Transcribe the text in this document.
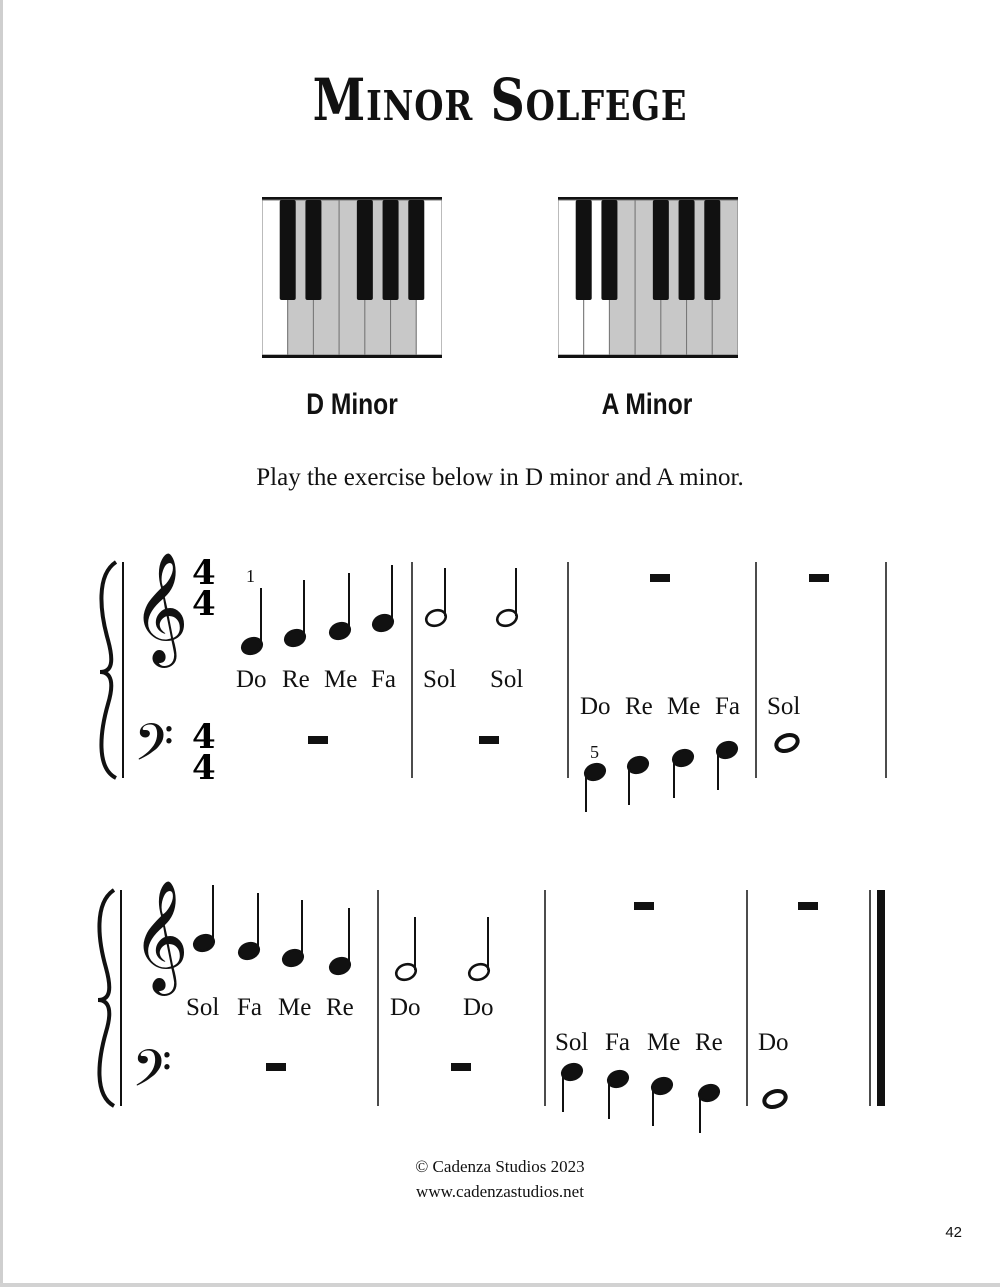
Minor Solfege
D Minor	A Minor
Play the exercise below in D minor and A minor.
𝄞
𝄢
𝄞
𝄢
4
4
4
4
1
5
Do Re Me Fa Sol Sol
Do Re Me Fa Sol
Sol Fa Me Re Do Do
Sol Fa Me Re Do
© Cadenza Studios 2023
www.cadenzastudios.net
42
